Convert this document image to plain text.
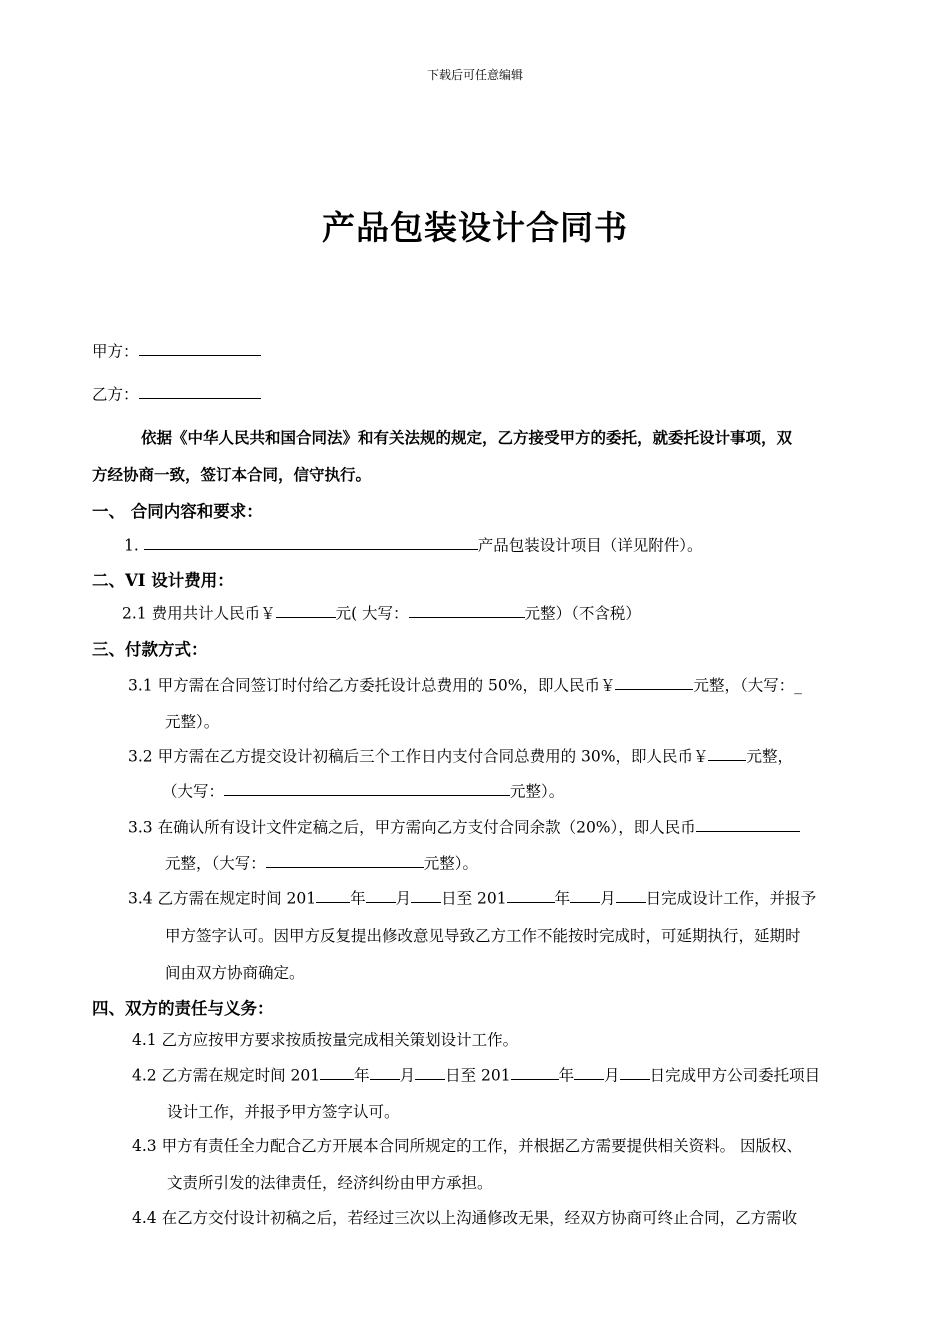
下载后可任意编辑
产品包装设计合同书
甲方：
乙方：
依据《中华人民共和国合同法》和有关法规的规定，乙方接受甲方的委托，就委托设计事项，双
方经协商一致，签订本合同，信守执行。
一、 合同内容和要求：
1.	产品包装设计项目（详见附件）。
二、VI 设计费用：
2.1 费用共计人民币￥	元( 大写：	元整）（不含税）
三、付款方式：
3.1 甲方需在合同签订时付给乙方委托设计总费用的 50%，即人民币￥	元整，（大写：_
元整）。
3.2 甲方需在乙方提交设计初稿后三个工作日内支付合同总费用的 30%，即人民币￥ 元整，
（大写：	元整）。
3.3 在确认所有设计文件定稿之后，甲方需向乙方支付合同余款（20%），即人民币
元整，（大写：	元整）。
3.4 乙方需在规定时间 201 年 月 日至 201	年 月 日完成设计工作，并报予
甲方签字认可。因甲方反复提出修改意见导致乙方工作不能按时完成时，可延期执行，延期时
间由双方协商确定。
四、双方的责任与义务：
4.1 乙方应按甲方要求按质按量完成相关策划设计工作。
4.2 乙方需在规定时间 201 年 月 日至 201	年 月 日完成甲方公司委托项目
设计工作，并报予甲方签字认可。
4.3 甲方有责任全力配合乙方开展本合同所规定的工作，并根据乙方需要提供相关资料。 因版权、
文责所引发的法律责任，经济纠纷由甲方承担。
4.4 在乙方交付设计初稿之后，若经过三次以上沟通修改无果，经双方协商可终止合同，乙方需收
